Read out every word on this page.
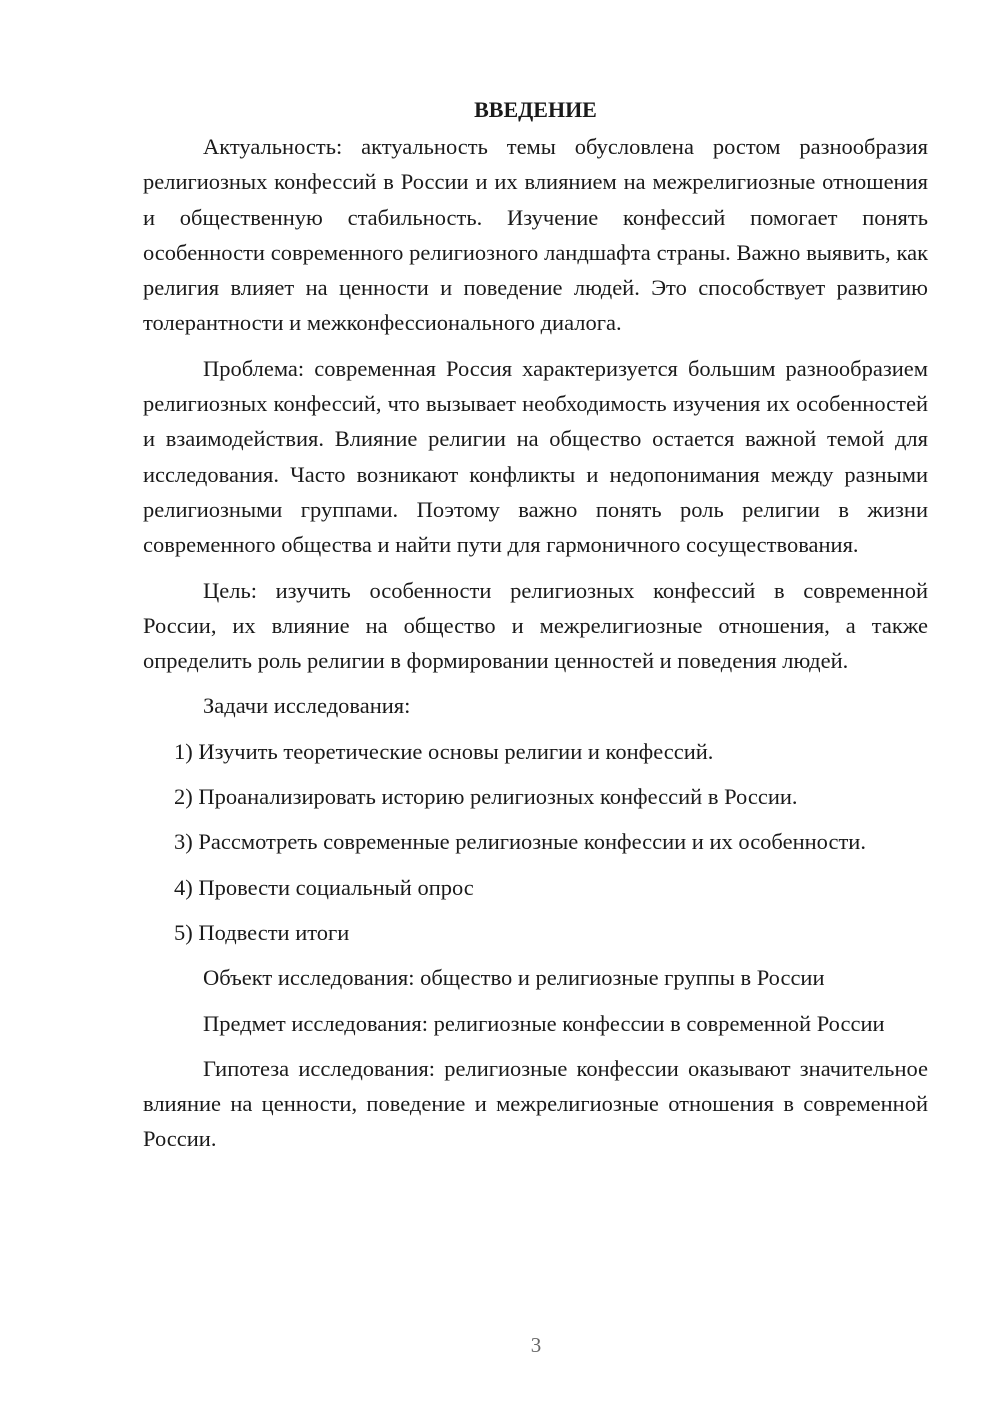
ВВЕДЕНИЕ

Актуальность: актуальность темы обусловлена ростом разнообразия религиозных конфессий в России и их влиянием на межрелигиозные отношения и общественную стабильность. Изучение конфессий помогает понять особенности современного религиозного ландшафта страны. Важно выявить, как религия влияет на ценности и поведение людей. Это способствует развитию толерантности и межконфессионального диалога.

Проблема: современная Россия характеризуется большим разнообразием религиозных конфессий, что вызывает необходимость изучения их особенностей и взаимодействия. Влияние религии на общество остается важной темой для исследования. Часто возникают конфликты и недопонимания между разными религиозными группами. Поэтому важно понять роль религии в жизни современного общества и найти пути для гармоничного сосуществования.

Цель: изучить особенности религиозных конфессий в современной России, их влияние на общество и межрелигиозные отношения, а также определить роль религии в формировании ценностей и поведения людей.

Задачи исследования:

1) Изучить теоретические основы религии и конфессий.

2) Проанализировать историю религиозных конфессий в России.

3) Рассмотреть современные религиозные конфессии и их особенности.

4) Провести социальный опрос

5) Подвести итоги

Объект исследования: общество и религиозные группы в России

Предмет исследования: религиозные конфессии в современной России

Гипотеза исследования: религиозные конфессии оказывают значительное влияние на ценности, поведение и межрелигиозные отношения в современной России.

3
